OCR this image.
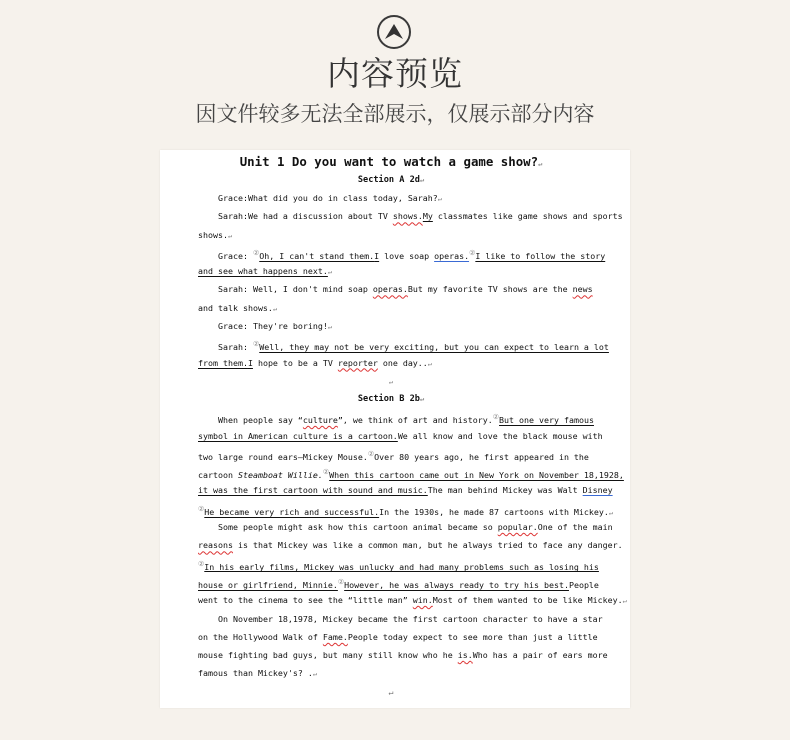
内容预览
因文件较多无法全部展示，仅展示部分内容
Unit 1 Do you want to watch a game show?↵
Section A 2d↵
Grace:What did you do in class today, Sarah?↵
Sarah:We had a discussion about TV shows.My classmates like game shows and sports
shows.↵
Grace: ②Oh, I can't stand them.I love soap operas.②I like to follow the story
and see what happens next.↵
Sarah: Well, I don't mind soap operas.But my favorite TV shows are the news
and talk shows.↵
Grace: They're boring!↵
Sarah: ②Well, they may not be very exciting, but you can expect to learn a lot
from them.I hope to be a TV reporter one day..↵
↵
Section B 2b↵
When people say “culture”, we think of art and history.②But one very famous
symbol in American culture is a cartoon.We all know and love the black mouse with
two large round ears—Mickey Mouse.②Over 80 years ago, he first appeared in the
cartoon Steamboat Willie.②When this cartoon came out in New York on November 18,1928,
it was the first cartoon with sound and music.The man behind Mickey was Walt Disney
②He became very rich and successful.In the 1930s, he made 87 cartoons with Mickey.↵
Some people might ask how this cartoon animal became so popular.One of the main
reasons is that Mickey was like a common man, but he always tried to face any danger.
②In his early films, Mickey was unlucky and had many problems such as losing his
house or girlfriend, Minnie.②However, he was always ready to try his best.People
went to the cinema to see the “little man” win.Most of them wanted to be like Mickey.↵
On November 18,1978, Mickey became the first cartoon character to have a star
on the Hollywood Walk of Fame.People today expect to see more than just a little
mouse fighting bad guys, but many still know who he is.Who has a pair of ears more
famous than Mickey's? .↵
↵
